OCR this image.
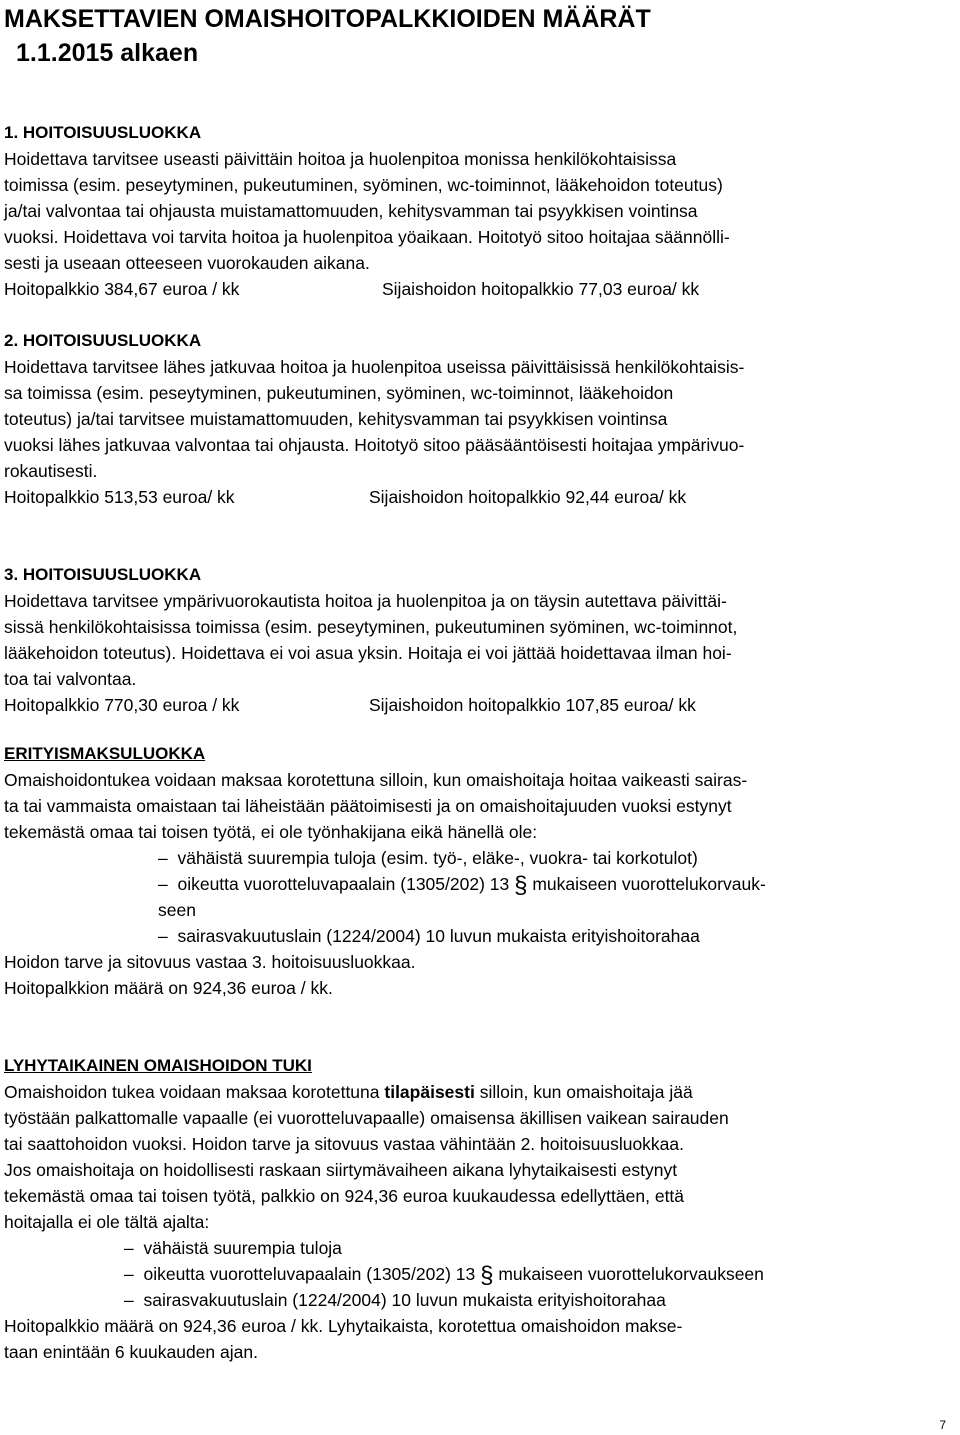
MAKSETTAVIEN OMAISHOITOPALKKIOIDEN MÄÄRÄT
1.1.2015 alkaen
1. HOITOISUUSLUOKKA
Hoidettava tarvitsee useasti päivittäin hoitoa ja huolenpitoa monissa henkilökohtaisissa
toimissa (esim. peseytyminen, pukeutuminen, syöminen, wc-toiminnot, lääkehoidon toteutus)
ja/tai valvontaa tai ohjausta muistamattomuuden, kehitysvamman tai psyykkisen vointinsa
vuoksi. Hoidettava voi tarvita hoitoa ja huolenpitoa yöaikaan. Hoitotyö sitoo hoitajaa säännölli-
sesti ja useaan otteeseen vuorokauden aikana.
Hoitopalkkio 384,67 euroa / kk	Sijaishoidon hoitopalkkio 77,03 euroa/ kk
2. HOITOISUUSLUOKKA
Hoidettava tarvitsee lähes jatkuvaa hoitoa ja huolenpitoa useissa päivittäisissä henkilökohtaisis-
sa toimissa (esim. peseytyminen, pukeutuminen, syöminen, wc-toiminnot, lääkehoidon
toteutus) ja/tai tarvitsee muistamattomuuden, kehitysvamman tai psyykkisen vointinsa
vuoksi lähes jatkuvaa valvontaa tai ohjausta. Hoitotyö sitoo pääsääntöisesti hoitajaa ympärivuo-
rokautisesti.
Hoitopalkkio 513,53 euroa/ kk	Sijaishoidon hoitopalkkio 92,44 euroa/ kk
3. HOITOISUUSLUOKKA
Hoidettava tarvitsee ympärivuorokautista hoitoa ja huolenpitoa ja on täysin autettava päivittäi-
sissä henkilökohtaisissa toimissa (esim. peseytyminen, pukeutuminen syöminen, wc-toiminnot,
lääkehoidon toteutus). Hoidettava ei voi asua yksin. Hoitaja ei voi jättää hoidettavaa ilman hoi-
toa tai valvontaa.
Hoitopalkkio 770,30 euroa / kk	Sijaishoidon hoitopalkkio 107,85 euroa/ kk
ERITYISMAKSULUOKKA
Omaishoidontukea voidaan maksaa korotettuna silloin, kun omaishoitaja hoitaa vaikeasti sairas-
ta tai vammaista omaistaan tai läheistään päätoimisesti ja on omaishoitajuuden vuoksi estynyt
tekemästä omaa tai toisen työtä, ei ole työnhakijana eikä hänellä ole:
–  vähäistä suurempia tuloja (esim. työ-, eläke-, vuokra- tai korkotulot)
–  oikeutta vuorotteluvapaalain (1305/202) 13 § mukaiseen vuorottelukorvauk-
seen
–  sairasvakuutuslain (1224/2004) 10 luvun mukaista erityishoitorahaa
Hoidon tarve ja sitovuus vastaa 3. hoitoisuusluokkaa.
Hoitopalkkion määrä on 924,36 euroa / kk.
LYHYTAIKAINEN OMAISHOIDON TUKI
Omaishoidon tukea voidaan maksaa korotettuna tilapäisesti silloin, kun omaishoitaja jää
työstään palkattomalle vapaalle (ei vuorotteluvapaalle) omaisensa äkillisen vaikean sairauden
tai saattohoidon vuoksi. Hoidon tarve ja sitovuus vastaa vähintään 2. hoitoisuusluokkaa.
Jos omaishoitaja on hoidollisesti raskaan siirtymävaiheen aikana lyhytaikaisesti estynyt
tekemästä omaa tai toisen työtä, palkkio on 924,36 euroa kuukaudessa edellyttäen, että
hoitajalla ei ole tältä ajalta:
–  vähäistä suurempia tuloja
–  oikeutta vuorotteluvapaalain (1305/202) 13 § mukaiseen vuorottelukorvaukseen
–  sairasvakuutuslain (1224/2004) 10 luvun mukaista erityishoitorahaa
Hoitopalkkio määrä on 924,36 euroa / kk. Lyhytaikaista, korotettua omaishoidon maksе-
taan enintään 6 kuukauden ajan.
7
